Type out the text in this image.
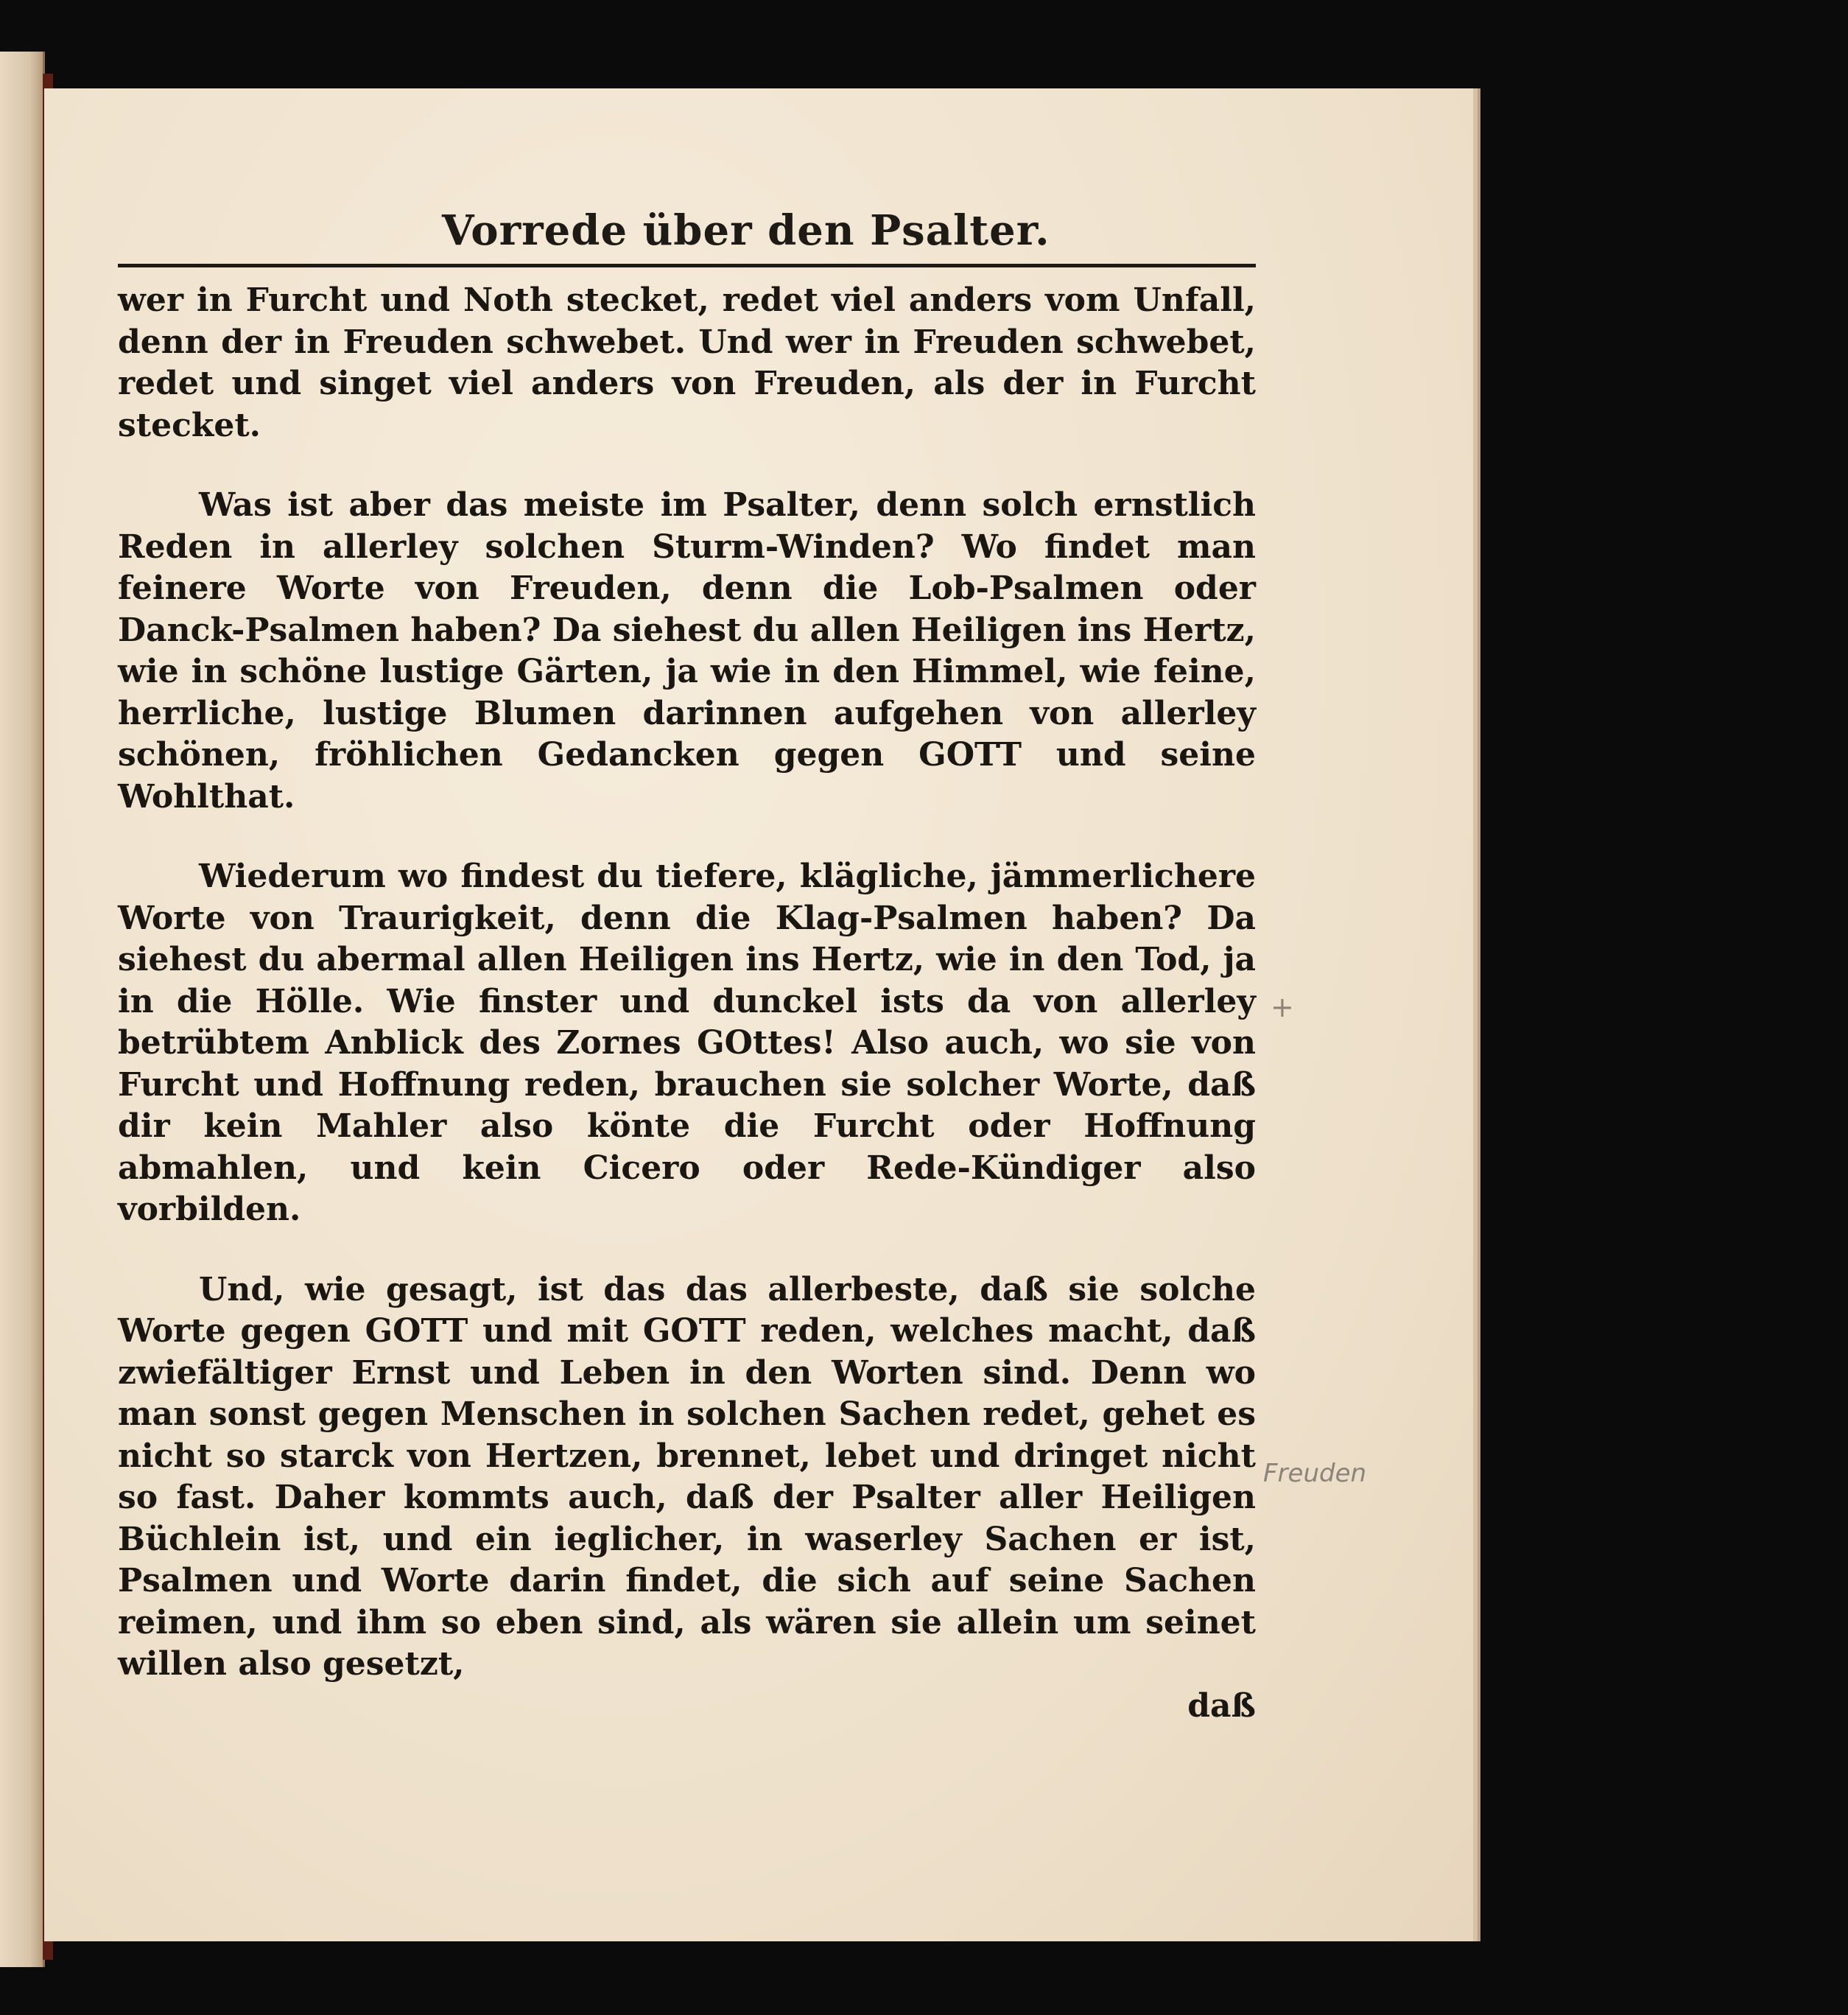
Vorrede über den Psalter.

wer in Furcht und Noth stecket, redet viel anders vom Unfall, denn der in Freuden schwebet. Und wer in Freuden schwebet, redet und singet viel anders von Freuden, als der in Furcht stecket.

Was ist aber das meiste im Psalter, denn solch ernstlich Reden in allerley solchen Sturm-Winden? Wo findet man feinere Worte von Freuden, denn die Lob-Psalmen oder Danck-Psalmen haben? Da siehest du allen Heiligen ins Hertz, wie in schöne lustige Gärten, ja wie in den Himmel, wie feine, herrliche, lustige Blumen darinnen aufgehen von allerley schönen, fröhlichen Gedancken gegen GOTT und seine Wohlthat.

Wiederum wo findest du tiefere, klägliche, jämmerlichere Worte von Traurigkeit, denn die Klag-Psalmen haben? Da siehest du abermal allen Heiligen ins Hertz, wie in den Tod, ja in die Hölle. Wie finster und dunckel ists da von allerley betrübtem Anblick des Zornes GOttes! Also auch, wo sie von Furcht und Hoffnung reden, brauchen sie solcher Worte, daß dir kein Mahler also könte die Furcht oder Hoffnung abmahlen, und kein Cicero oder Rede-Kündiger also vorbilden.

Und, wie gesagt, ist das das allerbeste, daß sie solche Worte gegen GOTT und mit GOTT reden, welches macht, daß zwiefältiger Ernst und Leben in den Worten sind. Denn wo man sonst gegen Menschen in solchen Sachen redet, gehet es nicht so starck von Hertzen, brennet, lebet und dringet nicht so fast. Daher kommts auch, daß der Psalter aller Heiligen Büchlein ist, und ein ieglicher, in waserley Sachen er ist, Psalmen und Worte darin findet, die sich auf seine Sachen reimen, und ihm so eben sind, als wären sie allein um seinet willen also gesetzt,

daß
+
Freuden
